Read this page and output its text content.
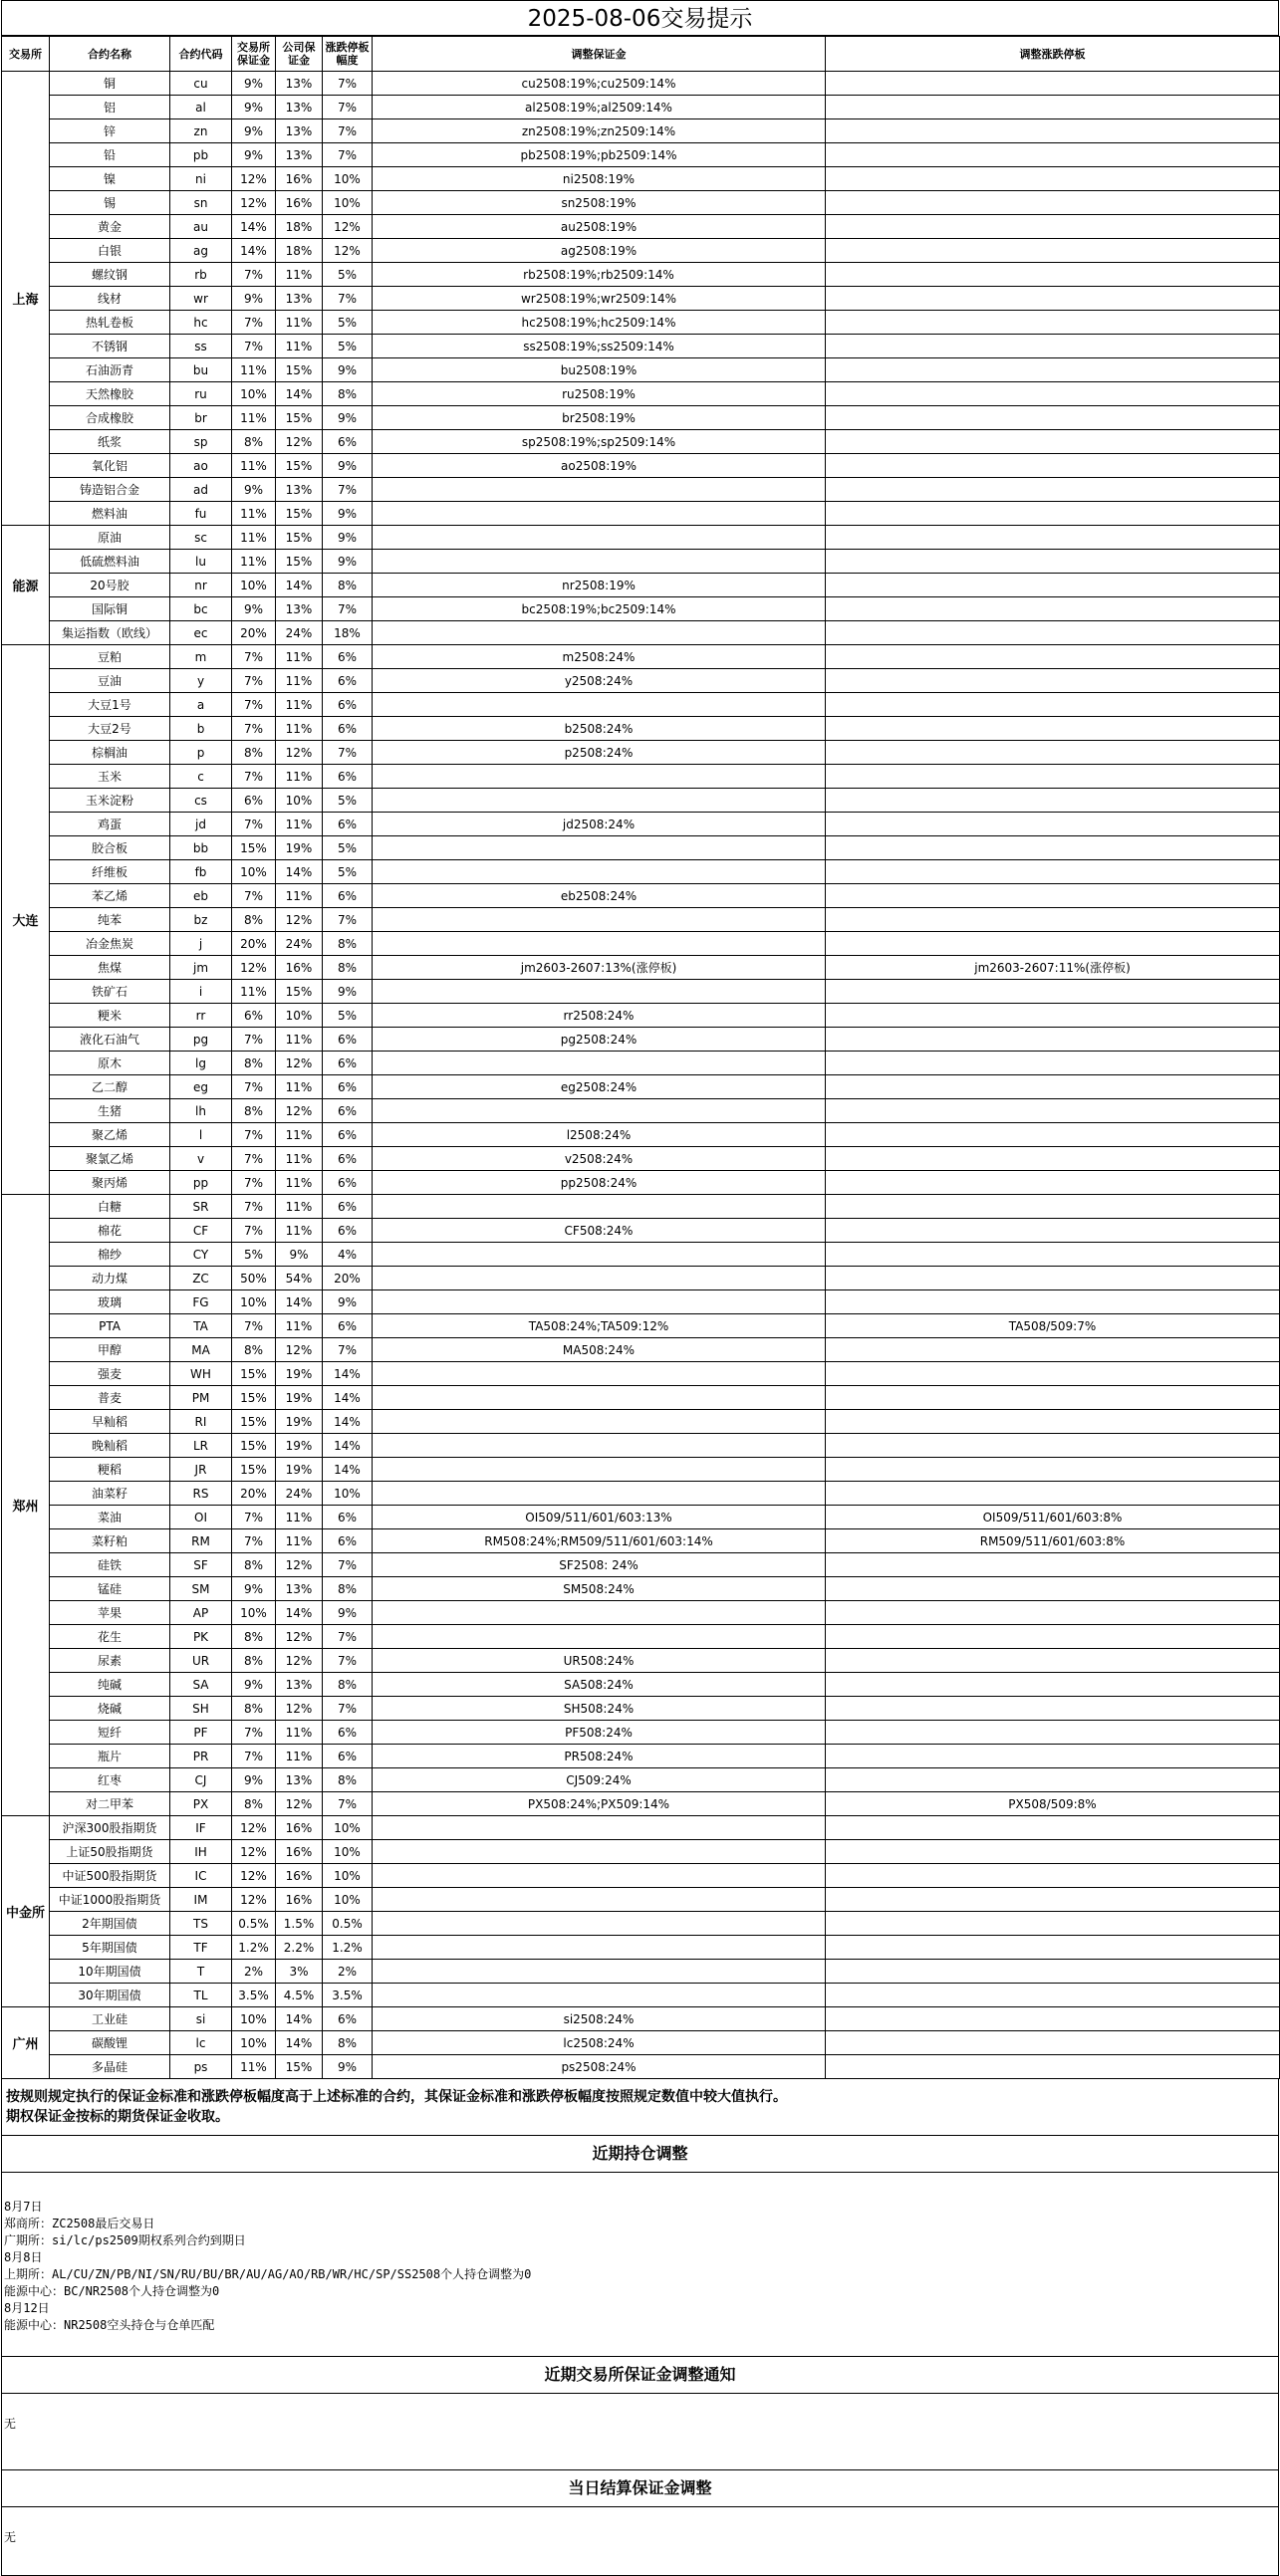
2025-08-06交易提示
交易所	合约名称	合约代码	交易所保证金	公司保证金	涨跌停板幅度	调整保证金	调整涨跌停板
上海	铜	cu	9%	13%	7%	cu2508:19%;cu2509:14%	
	铝	al	9%	13%	7%	al2508:19%;al2509:14%	
	锌	zn	9%	13%	7%	zn2508:19%;zn2509:14%	
	铅	pb	9%	13%	7%	pb2508:19%;pb2509:14%	
	镍	ni	12%	16%	10%	ni2508:19%	
	锡	sn	12%	16%	10%	sn2508:19%	
	黄金	au	14%	18%	12%	au2508:19%	
	白银	ag	14%	18%	12%	ag2508:19%	
	螺纹钢	rb	7%	11%	5%	rb2508:19%;rb2509:14%	
	线材	wr	9%	13%	7%	wr2508:19%;wr2509:14%	
	热轧卷板	hc	7%	11%	5%	hc2508:19%;hc2509:14%	
	不锈钢	ss	7%	11%	5%	ss2508:19%;ss2509:14%	
	石油沥青	bu	11%	15%	9%	bu2508:19%	
	天然橡胶	ru	10%	14%	8%	ru2508:19%	
	合成橡胶	br	11%	15%	9%	br2508:19%	
	纸浆	sp	8%	12%	6%	sp2508:19%;sp2509:14%	
	氧化铝	ao	11%	15%	9%	ao2508:19%	
	铸造铝合金	ad	9%	13%	7%		
	燃料油	fu	11%	15%	9%		
能源	原油	sc	11%	15%	9%		
	低硫燃料油	lu	11%	15%	9%		
	20号胶	nr	10%	14%	8%	nr2508:19%	
	国际铜	bc	9%	13%	7%	bc2508:19%;bc2509:14%	
	集运指数（欧线）	ec	20%	24%	18%		
大连	豆粕	m	7%	11%	6%	m2508:24%	
	豆油	y	7%	11%	6%	y2508:24%	
	大豆1号	a	7%	11%	6%		
	大豆2号	b	7%	11%	6%	b2508:24%	
	棕榈油	p	8%	12%	7%	p2508:24%	
	玉米	c	7%	11%	6%		
	玉米淀粉	cs	6%	10%	5%		
	鸡蛋	jd	7%	11%	6%	jd2508:24%	
	胶合板	bb	15%	19%	5%		
	纤维板	fb	10%	14%	5%		
	苯乙烯	eb	7%	11%	6%	eb2508:24%	
	纯苯	bz	8%	12%	7%		
	冶金焦炭	j	20%	24%	8%		
	焦煤	jm	12%	16%	8%	jm2603-2607:13%(涨停板)	jm2603-2607:11%(涨停板)
	铁矿石	i	11%	15%	9%		
	粳米	rr	6%	10%	5%	rr2508:24%	
	液化石油气	pg	7%	11%	6%	pg2508:24%	
	原木	lg	8%	12%	6%		
	乙二醇	eg	7%	11%	6%	eg2508:24%	
	生猪	lh	8%	12%	6%		
	聚乙烯	l	7%	11%	6%	l2508:24%	
	聚氯乙烯	v	7%	11%	6%	v2508:24%	
	聚丙烯	pp	7%	11%	6%	pp2508:24%	
郑州	白糖	SR	7%	11%	6%		
	棉花	CF	7%	11%	6%	CF508:24%	
	棉纱	CY	5%	9%	4%		
	动力煤	ZC	50%	54%	20%		
	玻璃	FG	10%	14%	9%		
	PTA	TA	7%	11%	6%	TA508:24%;TA509:12%	TA508/509:7%
	甲醇	MA	8%	12%	7%	MA508:24%	
	强麦	WH	15%	19%	14%		
	普麦	PM	15%	19%	14%		
	早籼稻	RI	15%	19%	14%		
	晚籼稻	LR	15%	19%	14%		
	粳稻	JR	15%	19%	14%		
	油菜籽	RS	20%	24%	10%		
	菜油	OI	7%	11%	6%	OI509/511/601/603:13%	OI509/511/601/603:8%
	菜籽粕	RM	7%	11%	6%	RM508:24%;RM509/511/601/603:14%	RM509/511/601/603:8%
	硅铁	SF	8%	12%	7%	SF2508: 24%	
	锰硅	SM	9%	13%	8%	SM508:24%	
	苹果	AP	10%	14%	9%		
	花生	PK	8%	12%	7%		
	尿素	UR	8%	12%	7%	UR508:24%	
	纯碱	SA	9%	13%	8%	SA508:24%	
	烧碱	SH	8%	12%	7%	SH508:24%	
	短纤	PF	7%	11%	6%	PF508:24%	
	瓶片	PR	7%	11%	6%	PR508:24%	
	红枣	CJ	9%	13%	8%	CJ509:24%	
	对二甲苯	PX	8%	12%	7%	PX508:24%;PX509:14%	PX508/509:8%
中金所	沪深300股指期货	IF	12%	16%	10%		
	上证50股指期货	IH	12%	16%	10%		
	中证500股指期货	IC	12%	16%	10%		
	中证1000股指期货	IM	12%	16%	10%		
	2年期国债	TS	0.5%	1.5%	0.5%		
	5年期国债	TF	1.2%	2.2%	1.2%		
	10年期国债	T	2%	3%	2%		
	30年期国债	TL	3.5%	4.5%	3.5%		
广州	工业硅	si	10%	14%	6%	si2508:24%	
	碳酸锂	lc	10%	14%	8%	lc2508:24%	
	多晶硅	ps	11%	15%	9%	ps2508:24%	
按规则规定执行的保证金标准和涨跌停板幅度高于上述标准的合约，其保证金标准和涨跌停板幅度按照规定数值中较大值执行。
期权保证金按标的期货保证金收取。
近期持仓调整
8月7日
郑商所：ZC2508最后交易日
广期所：si/lc/ps2509期权系列合约到期日
8月8日
上期所：AL/CU/ZN/PB/NI/SN/RU/BU/BR/AU/AG/AO/RB/WR/HC/SP/SS2508个人持仓调整为0
能源中心：BC/NR2508个人持仓调整为0
8月12日
能源中心：NR2508空头持仓与仓单匹配
近期交易所保证金调整通知
无
当日结算保证金调整
无
